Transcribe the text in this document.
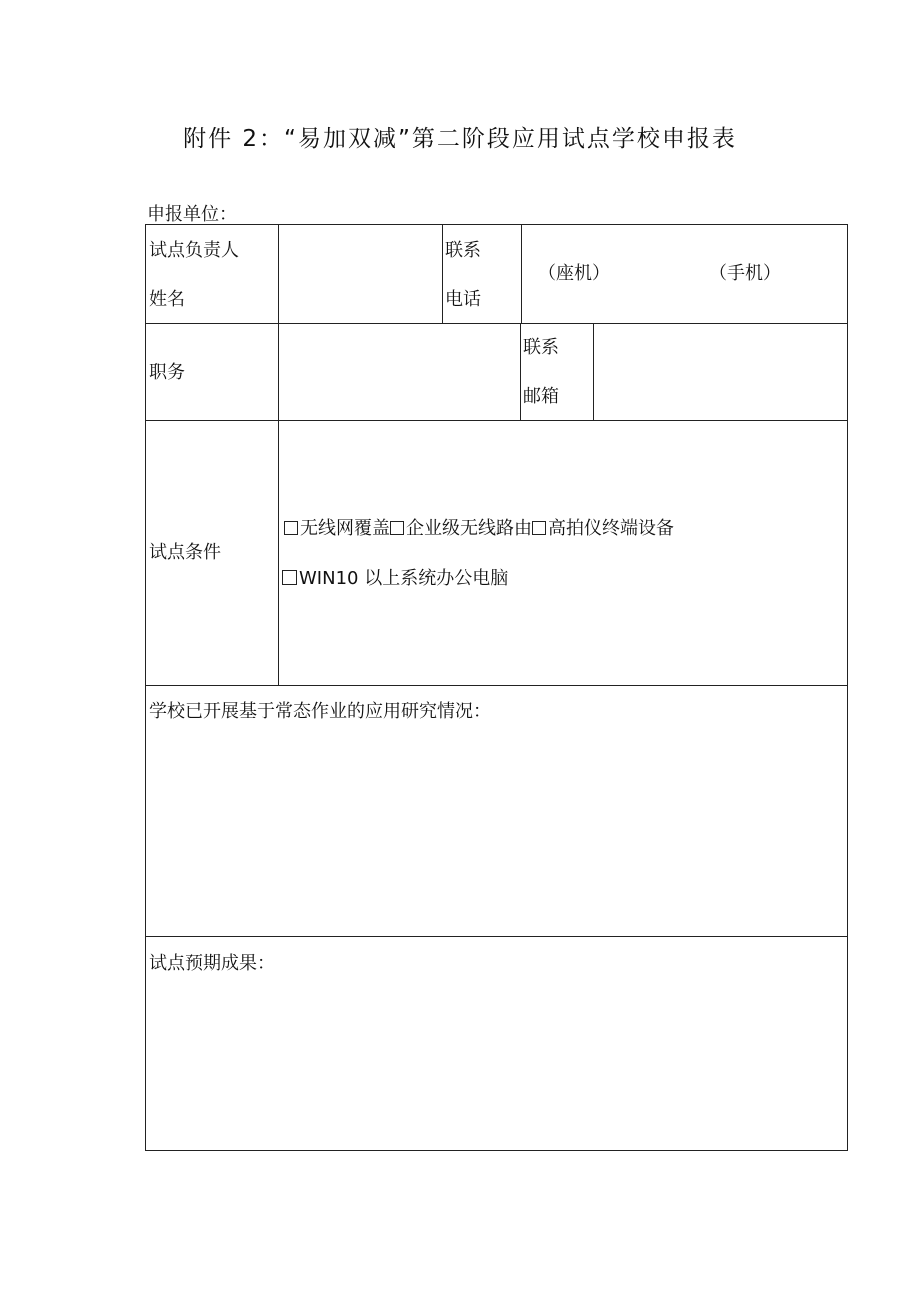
附件 2：“易加双减”第二阶段应用试点学校申报表
申报单位：
试点负责人
姓名
联系
电话
（座机）	（手机）
职务
联系
邮箱
试点条件
无线网覆盖 企业级无线路由 高拍仪终端设备
WIN10 以上系统办公电脑
学校已开展基于常态作业的应用研究情况：
试点预期成果：
